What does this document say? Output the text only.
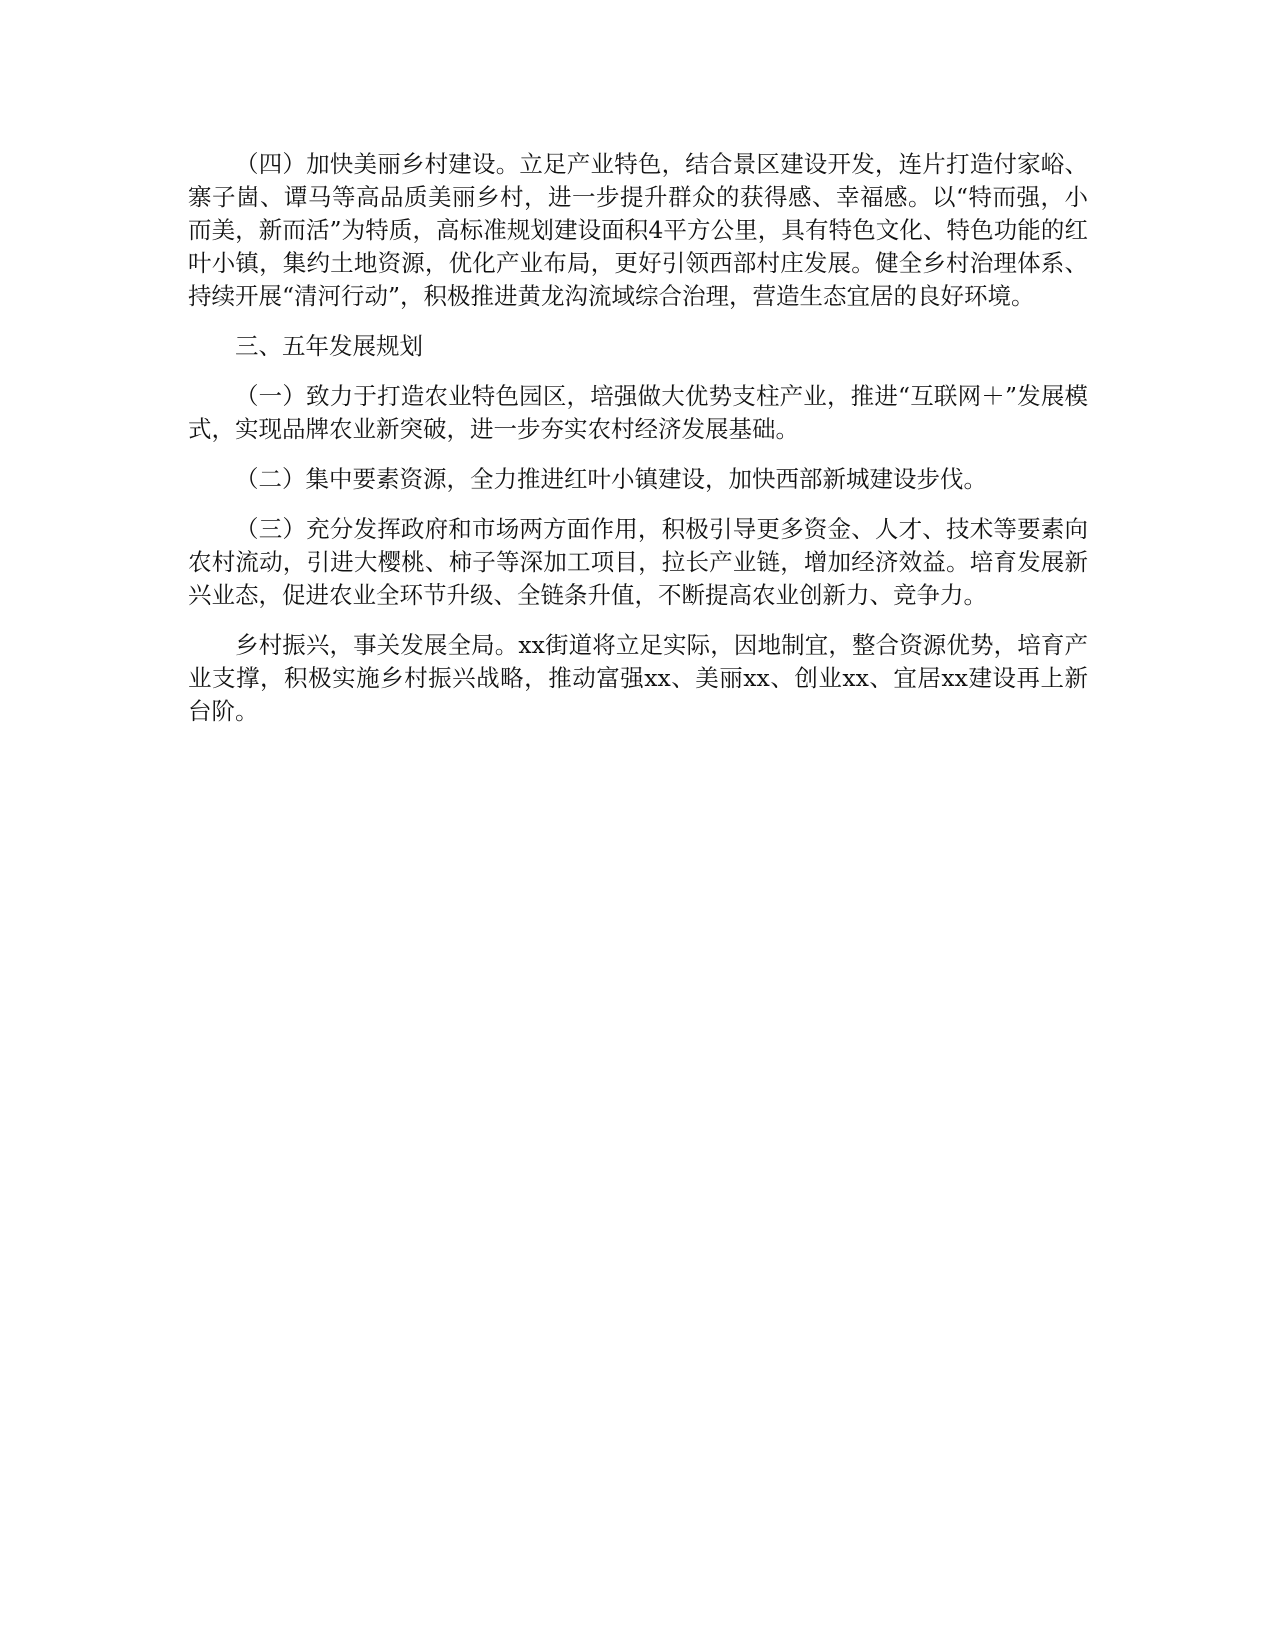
（四）加快美丽乡村建设。立足产业特色，结合景区建设开发，连片打造付家峪、寨子崮、谭马等高品质美丽乡村，进一步提升群众的获得感、幸福感。以“特而强，小而美，新而活”为特质，高标准规划建设面积4平方公里，具有特色文化、特色功能的红叶小镇，集约土地资源，优化产业布局，更好引领西部村庄发展。健全乡村治理体系、持续开展“清河行动”，积极推进黄龙沟流域综合治理，营造生态宜居的良好环境。

三、五年发展规划

（一）致力于打造农业特色园区，培强做大优势支柱产业，推进“互联网＋”发展模式，实现品牌农业新突破，进一步夯实农村经济发展基础。

（二）集中要素资源，全力推进红叶小镇建设，加快西部新城建设步伐。

（三）充分发挥政府和市场两方面作用，积极引导更多资金、人才、技术等要素向农村流动，引进大樱桃、柿子等深加工项目，拉长产业链，增加经济效益。培育发展新兴业态，促进农业全环节升级、全链条升值，不断提高农业创新力、竞争力。

乡村振兴，事关发展全局。xx街道将立足实际，因地制宜，整合资源优势，培育产业支撑，积极实施乡村振兴战略，推动富强xx、美丽xx、创业xx、宜居xx建设再上新台阶。
